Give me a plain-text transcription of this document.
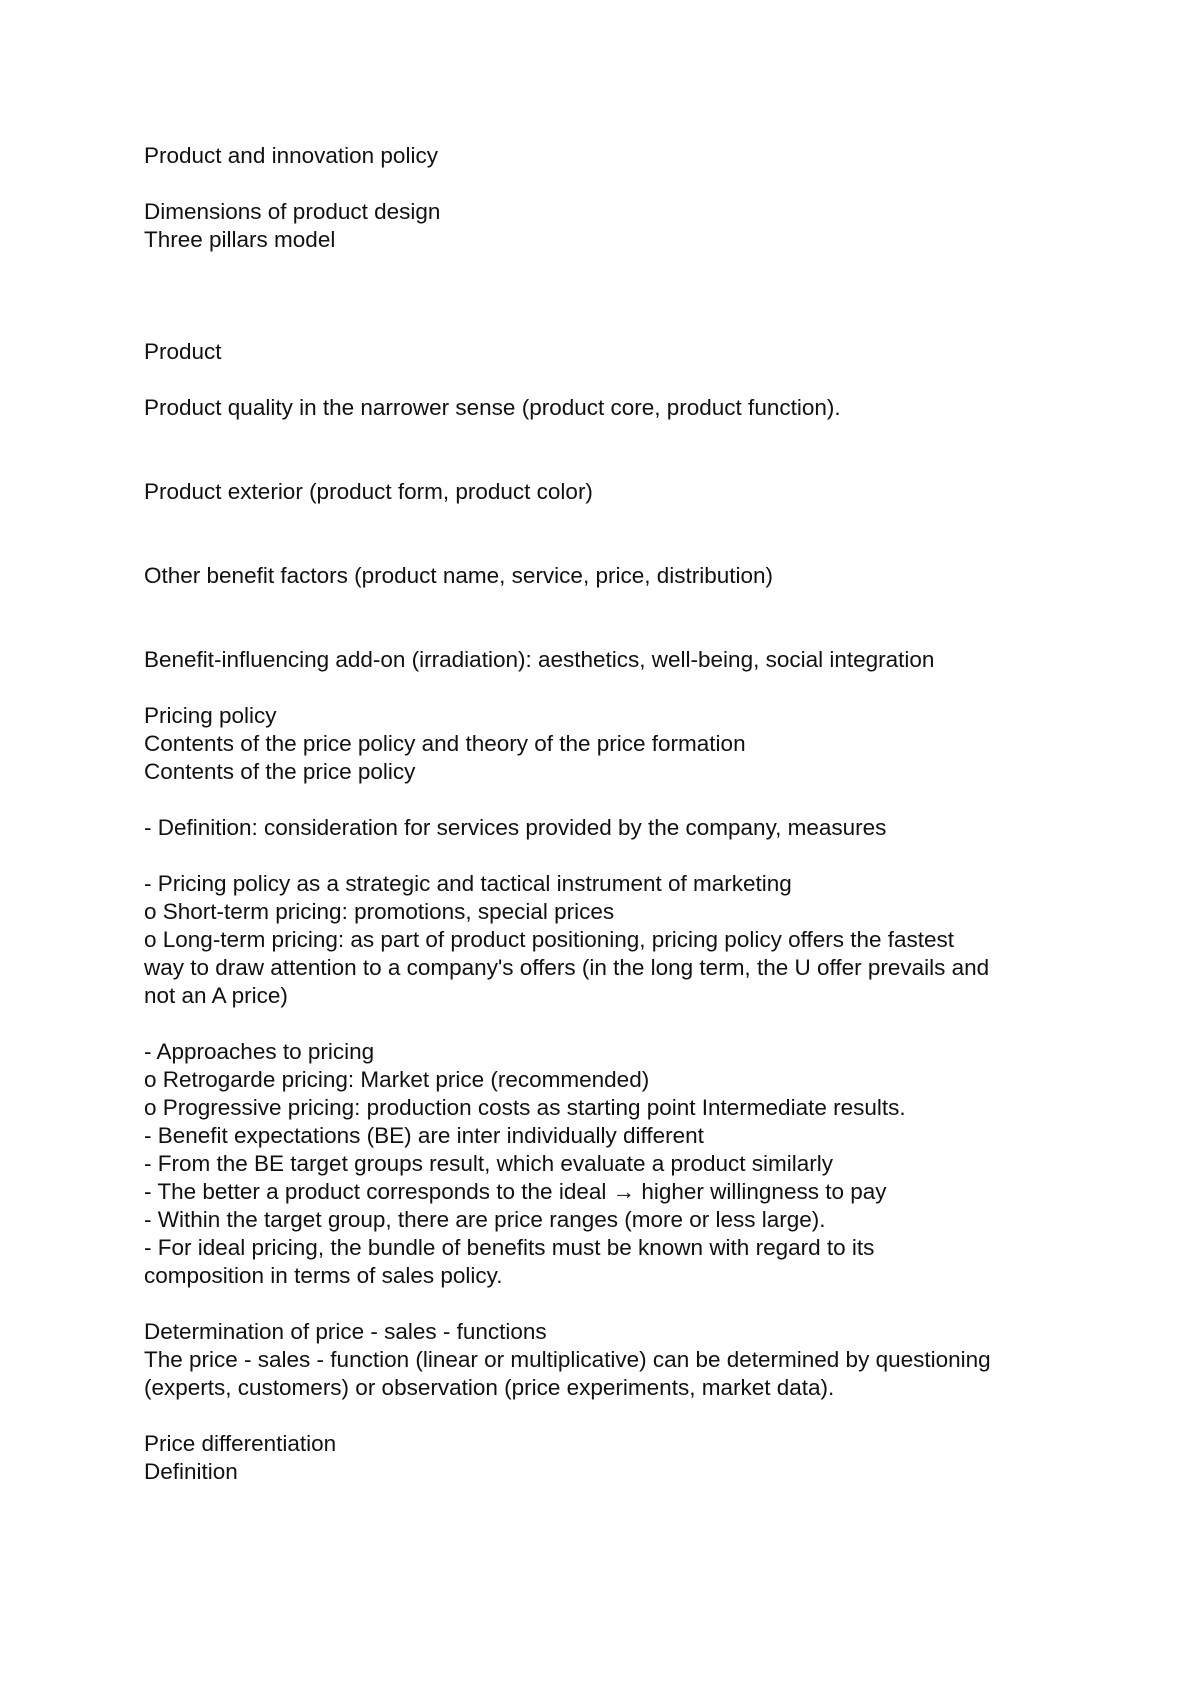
Product and innovation policy
Dimensions of product design
Three pillars model
Product
Product quality in the narrower sense (product core, product function).
Product exterior (product form, product color)
Other benefit factors (product name, service, price, distribution)
Benefit-influencing add-on (irradiation): aesthetics, well-being, social integration
Pricing policy
Contents of the price policy and theory of the price formation
Contents of the price policy
- Definition: consideration for services provided by the company, measures
- Pricing policy as a strategic and tactical instrument of marketing
o Short-term pricing: promotions, special prices
o Long-term pricing: as part of product positioning, pricing policy offers the fastest
way to draw attention to a company's offers (in the long term, the U offer prevails and
not an A price)
- Approaches to pricing
o Retrogarde pricing: Market price (recommended)
o Progressive pricing: production costs as starting point Intermediate results.
- Benefit expectations (BE) are inter individually different
- From the BE target groups result, which evaluate a product similarly
- The better a product corresponds to the ideal → higher willingness to pay
- Within the target group, there are price ranges (more or less large).
- For ideal pricing, the bundle of benefits must be known with regard to its
composition in terms of sales policy.
Determination of price - sales - functions
The price - sales - function (linear or multiplicative) can be determined by questioning
(experts, customers) or observation (price experiments, market data).
Price differentiation
Definition
